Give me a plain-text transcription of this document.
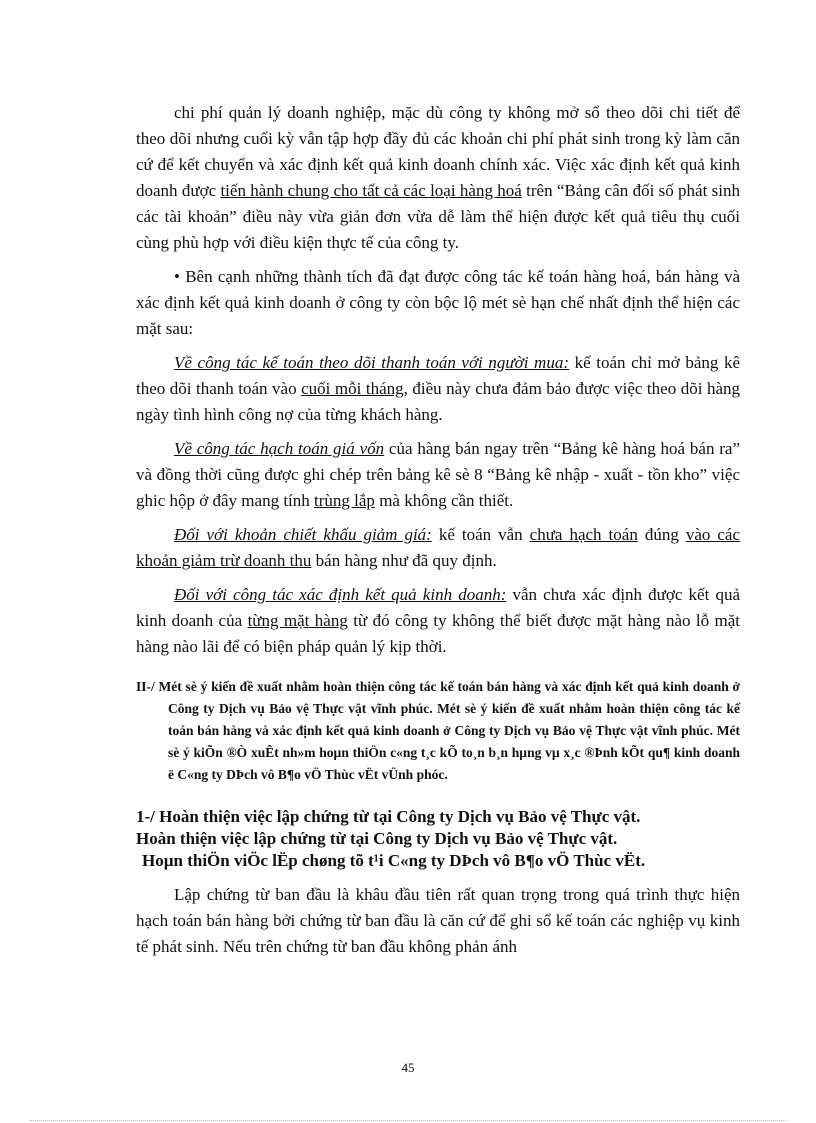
chi phí quản lý doanh nghiệp, mặc dù công ty không mở sổ theo dõi chi tiết để theo dõi nhưng cuối kỳ vẫn tập hợp đầy đủ các khoản chi phí phát sinh trong kỳ làm căn cứ để kết chuyển và xác định kết quả kinh doanh chính xác. Việc xác định kết quả kinh doanh được tiến hành chung cho tất cả các loại hàng hoá trên “Bảng cân đối số phát sinh các tài khoản” điều này vừa giản đơn vừa dễ làm thể hiện được kết quả tiêu thụ cuối cùng phù hợp với điều kiện thực tế của công ty.

• Bên cạnh những thành tích đã đạt được công tác kế toán hàng hoá, bán hàng và xác định kết quả kinh doanh ở công ty còn bộc lộ mét sè hạn chế nhất định thể hiện các mặt sau:

Về công tác kế toán theo dõi thanh toán với người mua: kế toán chỉ mở bảng kê theo dõi thanh toán vào cuối mỗi tháng, điều này chưa đảm bảo được việc theo dõi hàng ngày tình hình công nợ của từng khách hàng.

Về công tác hạch toán giá vốn của hàng bán ngay trên “Bảng kê hàng hoá bán ra” và đồng thời cũng được ghi chép trên bảng kê sè 8 “Bảng kê nhập - xuất - tồn kho” việc ghic hộp ở đây mang tính trùng lắp mà không cần thiết.

Đối với khoản chiết khấu giảm giá: kế toán vẫn chưa hạch toán đúng vào các khoản giảm trừ doanh thu bán hàng như đã quy định.

Đối với công tác xác định kết quả kinh doanh: vẫn chưa xác định được kết quả kinh doanh của từng mặt hàng từ đó công ty không thể biết được mặt hàng nào lỗ mặt hàng nào lãi để có biện pháp quản lý kịp thời.

II-/ Mét sè ý kiến đề xuất nhằm hoàn thiện công tác kế toán bán hàng và xác định kết quả kinh doanh ở Công ty Dịch vụ Bảo vệ Thực vật vĩnh phúc. Mét sè ý kiến đề xuất nhằm hoàn thiện công tác kế toán bán hàng và xác định kết quả kinh doanh ở Công ty Dịch vụ Bảo vệ Thực vật vĩnh phúc. Mét sè ý kiÕn ®Ò xuÊt nh»m hoµn thiÖn c«ng t¸c kÕ to¸n b¸n hµng vµ x¸c ®Þnh kÕt qu¶ kinh doanh ë C«ng ty DÞch vô B¶o vÖ Thùc vËt vÜnh phóc.
1-/ Hoàn thiện việc lập chứng từ tại Công ty Dịch vụ Bảo vệ Thực vật.
Hoàn thiện việc lập chứng từ tại Công ty Dịch vụ Bảo vệ Thực vật.
Hoµn thiÖn viÖc lËp chøng tõ t¹i C«ng ty DÞch vô B¶o vÖ Thùc vËt.

Lập chứng từ ban đầu là khâu đầu tiên rất quan trọng trong quá trình thực hiện hạch toán bán hàng bởi chứng từ ban đầu là căn cứ để ghi sổ kế toán các nghiệp vụ kinh tế phát sinh. Nếu trên chứng từ ban đầu không phản ánh

45
